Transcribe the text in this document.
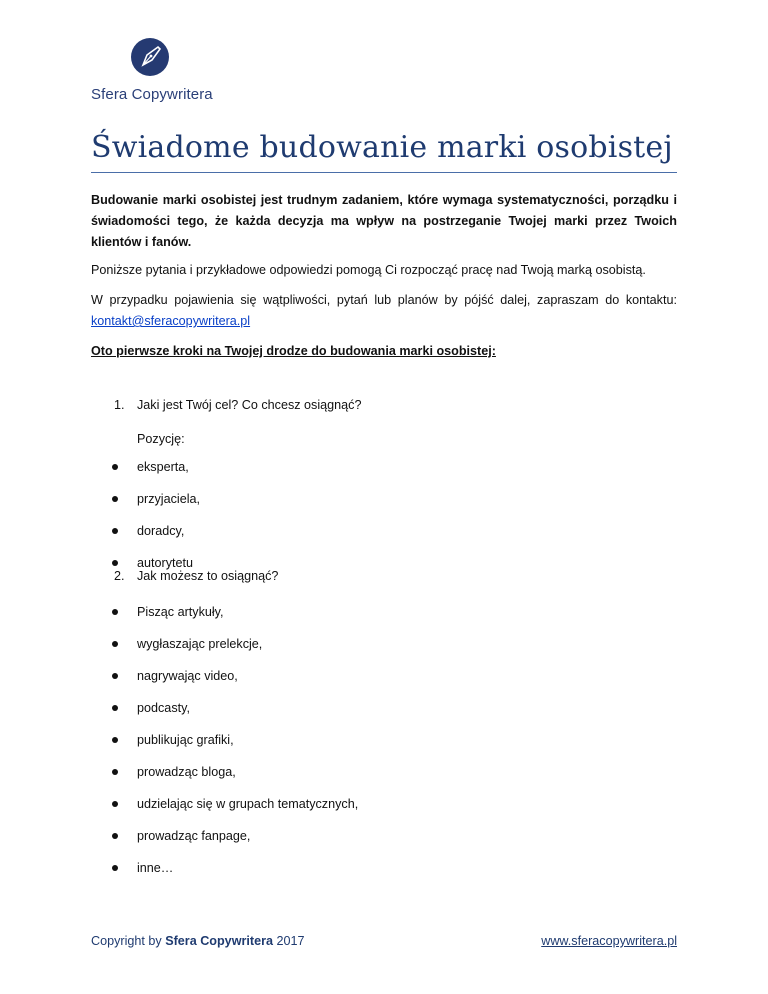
Sfera Copywritera
Świadome budowanie marki osobistej
Budowanie marki osobistej jest trudnym zadaniem, które wymaga systematyczności, porządku i świadomości tego, że każda decyzja ma wpływ na postrzeganie Twojej marki przez Twoich klientów i fanów.
Poniższe pytania i przykładowe odpowiedzi pomogą Ci rozpocząć pracę nad Twoją marką osobistą.
W przypadku pojawienia się wątpliwości, pytań lub planów by pójść dalej, zapraszam do kontaktu: kontakt@sferacopywritera.pl
Oto pierwsze kroki na Twojej drodze do budowania marki osobistej:
1. Jaki jest Twój cel? Co chcesz osiągnąć?
Pozycję:
eksperta,
przyjaciela,
doradcy,
autorytetu
2. Jak możesz to osiągnąć?
Pisząc artykuły,
wygłaszając prelekcje,
nagrywając video,
podcasty,
publikując grafiki,
prowadząc bloga,
udzielając się w grupach tematycznych,
prowadząc fanpage,
inne…
Copyright by Sfera Copywritera 2017	www.sferacopywritera.pl
